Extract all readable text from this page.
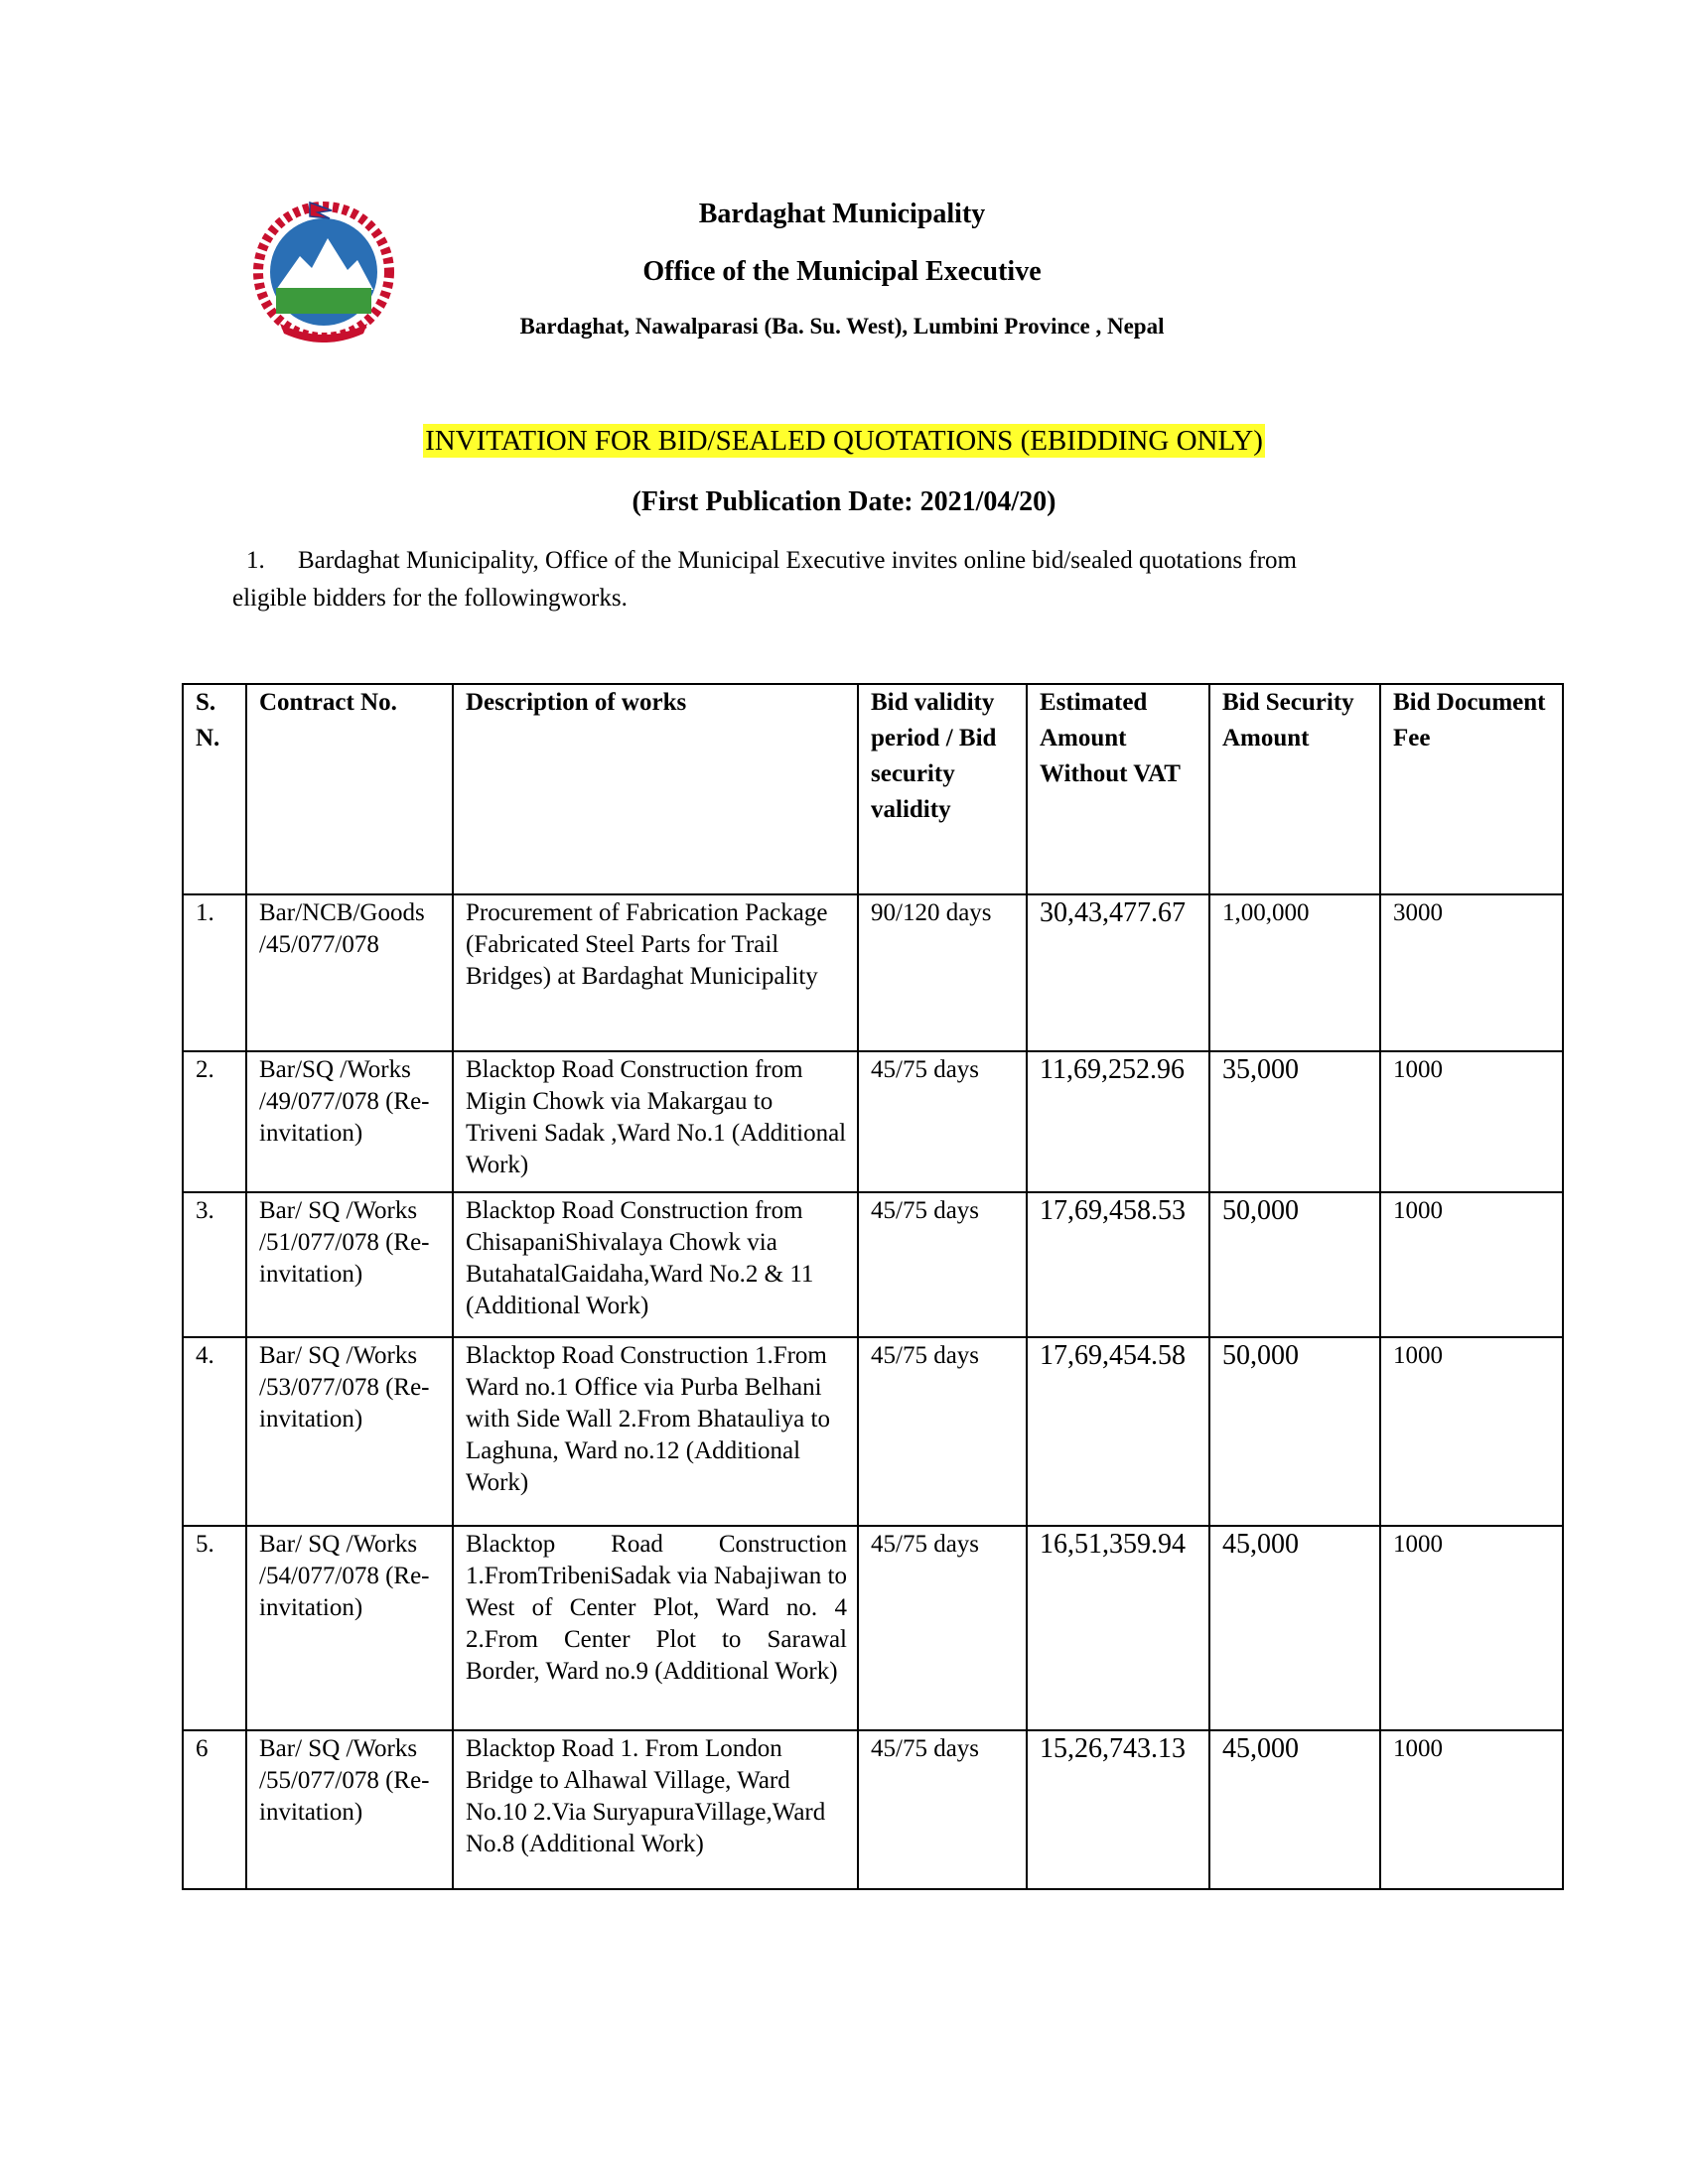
Bardaghat Municipality
Office of the Municipal Executive
Bardaghat, Nawalparasi (Ba. Su. West), Lumbini Province , Nepal
INVITATION FOR BID/SEALED QUOTATIONS (EBIDDING ONLY)
(First Publication Date: 2021/04/20)
1. Bardaghat Municipality, Office of the Municipal Executive invites online bid/sealed quotations from
eligible bidders for the followingworks.
S. N.	Contract No.	Description of works	Bid validity period / Bid security validity	Estimated Amount Without VAT	Bid Security Amount	Bid Document Fee
1.	Bar/NCB/Goods /45/077/078	Procurement of Fabrication Package (Fabricated Steel Parts for Trail Bridges) at Bardaghat Municipality	90/120 days	30,43,477.67	1,00,000	3000
2.	Bar/SQ /Works /49/077/078 (Re-invitation)	Blacktop Road Construction from Migin Chowk via Makargau to Triveni Sadak ,Ward No.1 (Additional Work)	45/75 days	11,69,252.96	35,000	1000
3.	Bar/ SQ /Works /51/077/078 (Re-invitation)	Blacktop Road Construction from ChisapaniShivalaya Chowk via ButahatalGaidaha,Ward No.2 & 11 (Additional Work)	45/75 days	17,69,458.53	50,000	1000
4.	Bar/ SQ /Works /53/077/078 (Re-invitation)	Blacktop Road Construction 1.From Ward no.1 Office via Purba Belhani with Side Wall 2.From Bhatauliya to Laghuna, Ward no.12 (Additional Work)	45/75 days	17,69,454.58	50,000	1000
5.	Bar/ SQ /Works /54/077/078 (Re-invitation)	Blacktop Road Construction 1.FromTribeniSadak via Nabajiwan to West of Center Plot, Ward no. 4 2.From Center Plot to Sarawal Border, Ward no.9 (Additional Work)	45/75 days	16,51,359.94	45,000	1000
6	Bar/ SQ /Works /55/077/078 (Re-invitation)	Blacktop Road 1. From London Bridge to Alhawal Village, Ward No.10 2.Via SuryapuraVillage,Ward No.8 (Additional Work)	45/75 days	15,26,743.13	45,000	1000
